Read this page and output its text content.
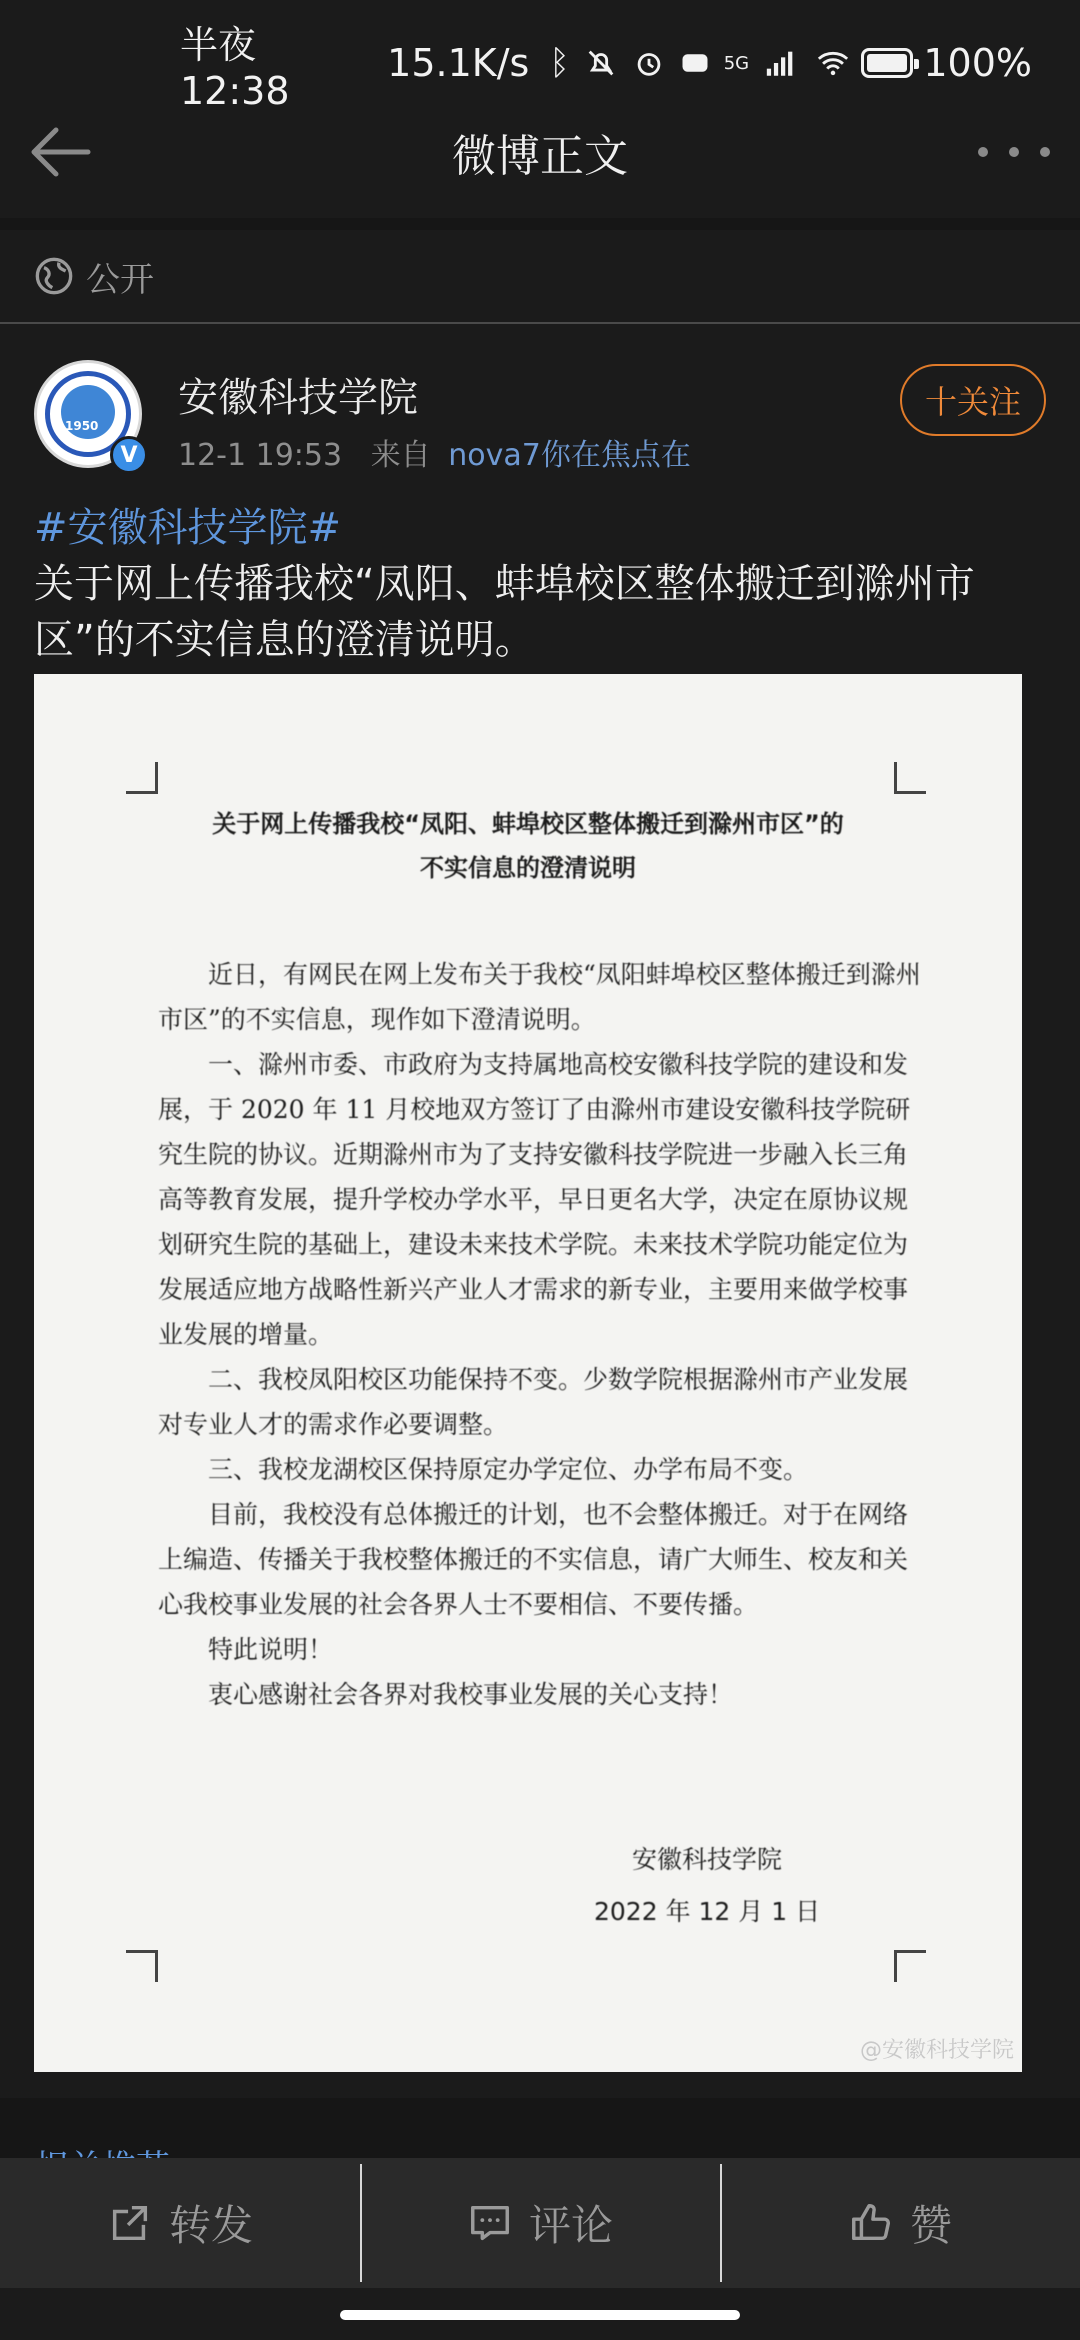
半夜12:38
15.1K/s ᛒ	5G	100%
微博正文
公开
1950
V
安徽科技学院
12-1 19:53 来自 nova7你在焦点在
十关注
#安徽科技学院#
关于网上传播我校“凤阳、蚌埠校区整体搬迁到滁州市区”的不实信息的澄清说明。
关于网上传播我校“凤阳、蚌埠校区整体搬迁到滁州市区”的
不实信息的澄清说明

近日，有网民在网上发布关于我校“凤阳蚌埠校区整体搬迁到滁州市区”的不实信息，现作如下澄清说明。

一、滁州市委、市政府为支持属地高校安徽科技学院的建设和发展，于 2020 年 11 月校地双方签订了由滁州市建设安徽科技学院研究生院的协议。近期滁州市为了支持安徽科技学院进一步融入长三角高等教育发展，提升学校办学水平，早日更名大学，决定在原协议规划研究生院的基础上，建设未来技术学院。未来技术学院功能定位为发展适应地方战略性新兴产业人才需求的新专业，主要用来做学校事业发展的增量。

二、我校凤阳校区功能保持不变。少数学院根据滁州市产业发展对专业人才的需求作必要调整。

三、我校龙湖校区保持原定办学定位、办学布局不变。

目前，我校没有总体搬迁的计划，也不会整体搬迁。对于在网络上编造、传播关于我校整体搬迁的不实信息，请广大师生、校友和关心我校事业发展的社会各界人士不要相信、不要传播。

特此说明！

衷心感谢社会各界对我校事业发展的关心支持！

安徽科技学院
2022 年 12 月 1 日
@安徽科技学院
转发	评论	赞
